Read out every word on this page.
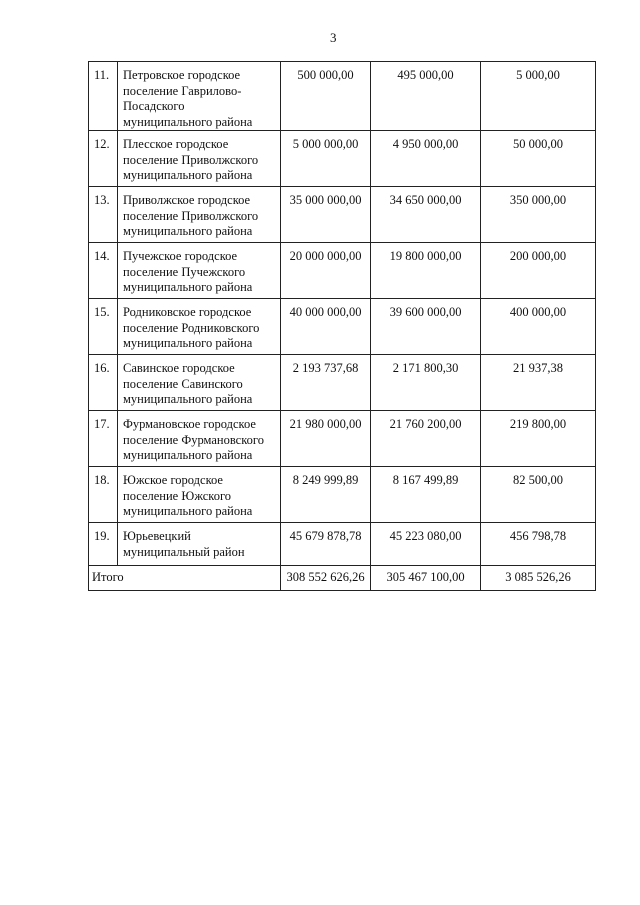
3
11.	Петровское городское
поселение Гаврилово-
Посадского
муниципального района	500 000,00	495 000,00	5 000,00
12.	Плесское городское
поселение Приволжского
муниципального района	5 000 000,00	4 950 000,00	50 000,00
13.	Приволжское городское
поселение Приволжского
муниципального района	35 000 000,00	34 650 000,00	350 000,00
14.	Пучежское городское
поселение Пучежского
муниципального района	20 000 000,00	19 800 000,00	200 000,00
15.	Родниковское городское
поселение Родниковского
муниципального района	40 000 000,00	39 600 000,00	400 000,00
16.	Савинское городское
поселение Савинского
муниципального района	2 193 737,68	2 171 800,30	21 937,38
17.	Фурмановское городское
поселение Фурмановского
муниципального района	21 980 000,00	21 760 200,00	219 800,00
18.	Южское городское
поселение Южского
муниципального района	8 249 999,89	8 167 499,89	82 500,00
19.	Юрьевецкий
муниципальный район	45 679 878,78	45 223 080,00	456 798,78
Итого		308 552 626,26	305 467 100,00	3 085 526,26
